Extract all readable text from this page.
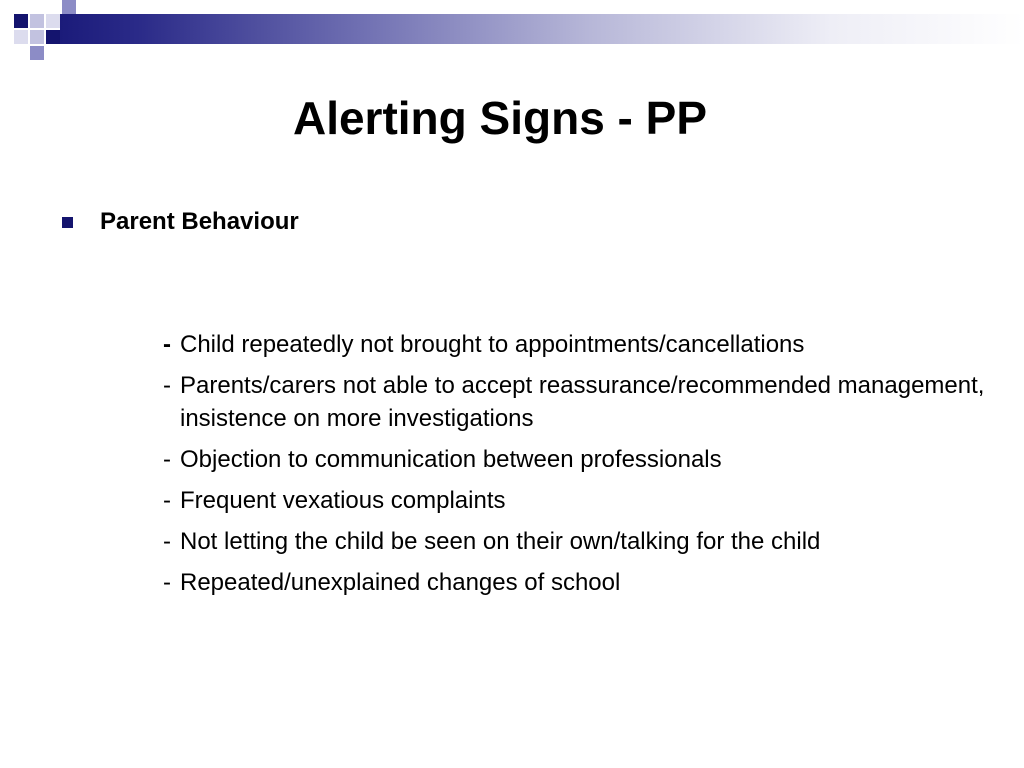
Alerting Signs - PP
Parent Behaviour
- Child repeatedly not brought to appointments/cancellations
- Parents/carers not able to accept reassurance/recommended management, insistence on more investigations
- Objection to communication between professionals
- Frequent vexatious complaints
- Not letting the child be seen on their own/talking for the child
- Repeated/unexplained changes of school
